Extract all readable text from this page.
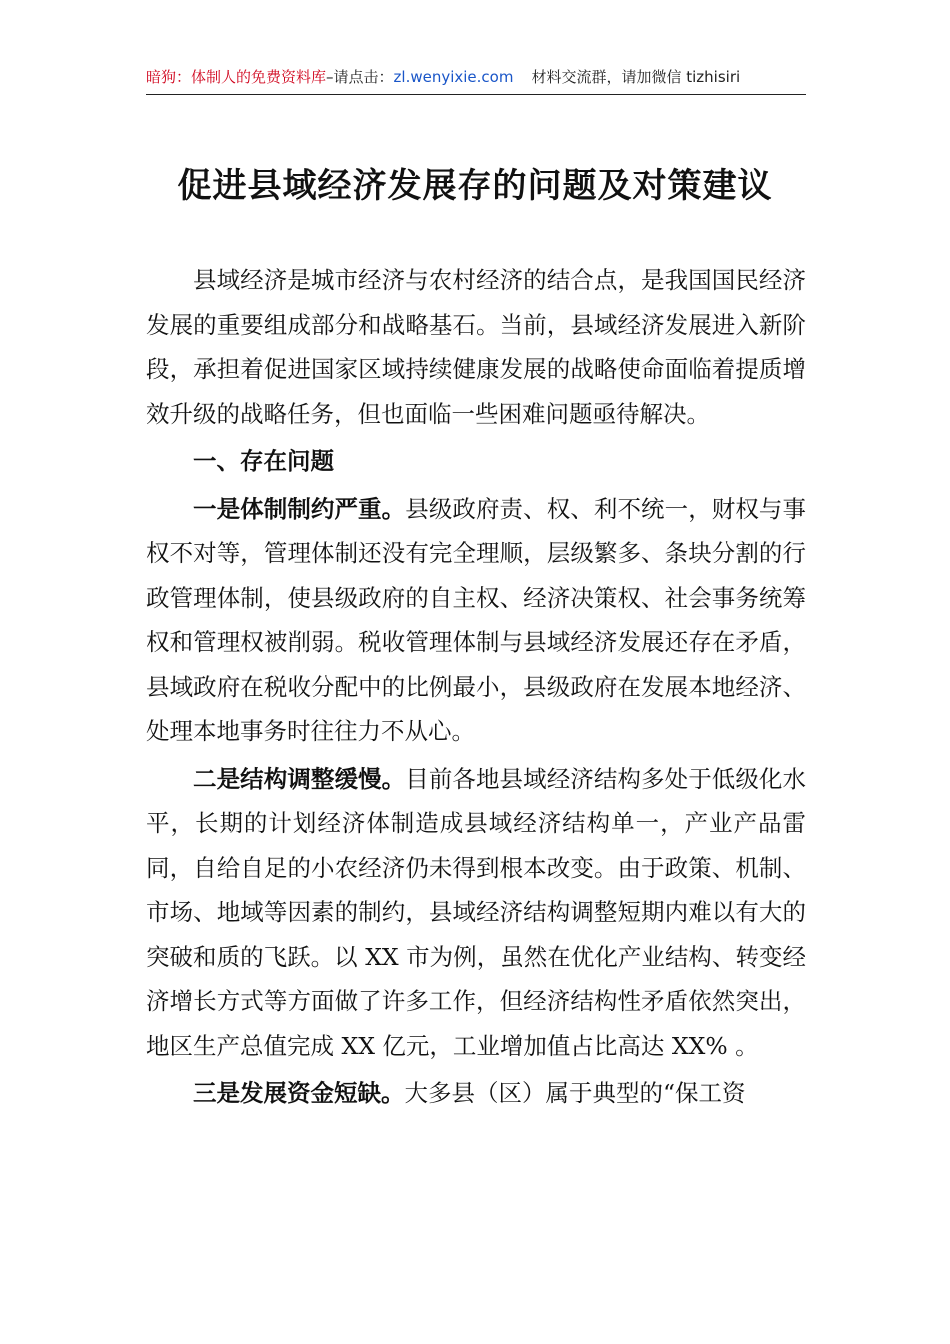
暗狗：体制人的免费资料库–请点击：zl.wenyixie.com 材料交流群，请加微信 tizhisiri
促进县域经济发展存的问题及对策建议

县域经济是城市经济与农村经济的结合点，是我国国民经济发展的重要组成部分和战略基石。当前，县域经济发展进入新阶段，承担着促进国家区域持续健康发展的战略使命面临着提质增效升级的战略任务，但也面临一些困难问题亟待解决。

一、存在问题

一是体制制约严重。县级政府责、权、利不统一，财权与事权不对等，管理体制还没有完全理顺，层级繁多、条块分割的行政管理体制，使县级政府的自主权、经济决策权、社会事务统筹权和管理权被削弱。税收管理体制与县域经济发展还存在矛盾，县域政府在税收分配中的比例最小，县级政府在发展本地经济、处理本地事务时往往力不从心。

二是结构调整缓慢。目前各地县域经济结构多处于低级化水平，长期的计划经济体制造成县域经济结构单一，产业产品雷同，自给自足的小农经济仍未得到根本改变。由于政策、机制、市场、地域等因素的制约，县域经济结构调整短期内难以有大的突破和质的飞跃。以 XX 市为例，虽然在优化产业结构、转变经济增长方式等方面做了许多工作，但经济结构性矛盾依然突出，地区生产总值完成 XX 亿元，工业增加值占比高达 XX% 。

三是发展资金短缺。大多县（区）属于典型的“保工资
